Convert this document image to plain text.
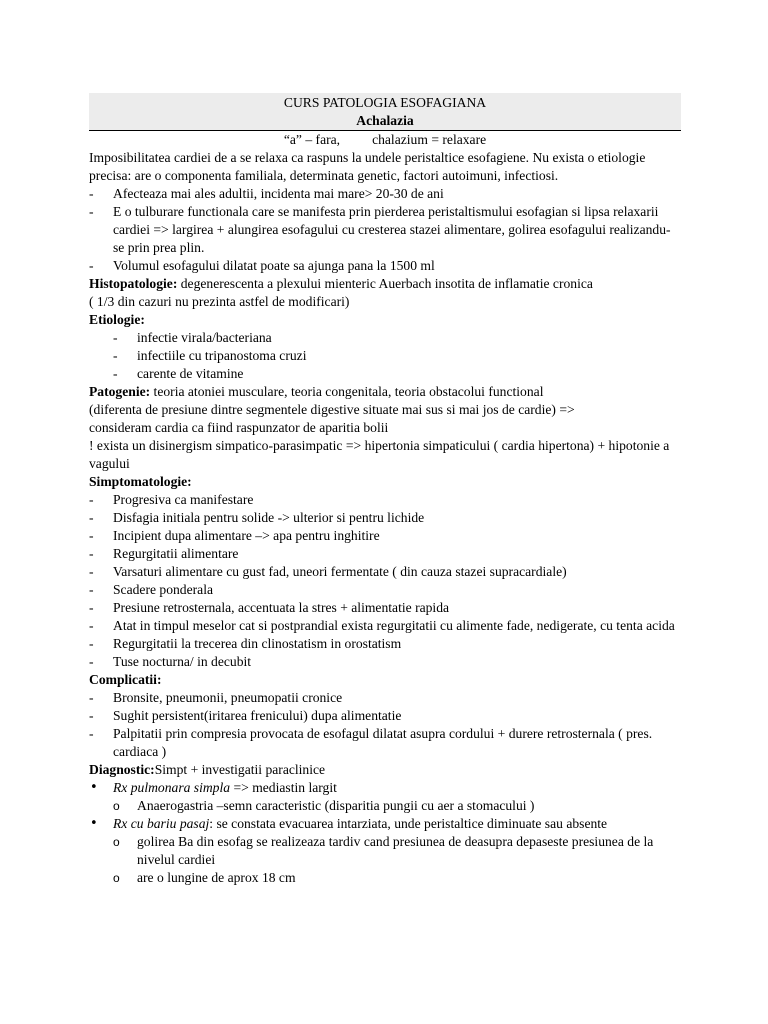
CURS PATOLOGIA ESOFAGIANA
Achalazia

“a” – fara, chalazium = relaxare

Imposibilitatea cardiei de a se relaxa ca raspuns la undele peristaltice esofagiene. Nu exista o etiologie precisa: are o componenta familiala, determinata genetic, factori autoimuni, infectiosi.

- Afecteaza mai ales adultii, incidenta mai mare> 20-30 de ani

- E o tulburare functionala care se manifesta prin pierderea peristaltismului esofagian si lipsa relaxarii cardiei => largirea + alungirea esofagului cu cresterea stazei alimentare, golirea esofagului realizandu-se prin prea plin.

- Volumul esofagului dilatat poate sa ajunga pana la 1500 ml

Histopatologie: degenerescenta a plexului mienteric Auerbach insotita de inflamatie cronica

( 1/3 din cazuri nu prezinta astfel de modificari)

Etiologie:

- infectie virala/bacteriana

- infectiile cu tripanostoma cruzi

- carente de vitamine

Patogenie: teoria atoniei musculare, teoria congenitala, teoria obstacolui functional

(diferenta de presiune dintre segmentele digestive situate mai sus si mai jos de cardie) =>

consideram cardia ca fiind raspunzator de aparitia bolii

! exista un disinergism simpatico-parasimpatic => hipertonia simpaticului ( cardia hipertona) + hipotonie a vagului

Simptomatologie:

- Progresiva ca manifestare

- Disfagia initiala pentru solide -> ulterior si pentru lichide

- Incipient dupa alimentare –> apa pentru inghitire

- Regurgitatii alimentare

- Varsaturi alimentare cu gust fad, uneori fermentate ( din cauza stazei supracardiale)

- Scadere ponderala

- Presiune retrosternala, accentuata la stres + alimentatie rapida

- Atat in timpul meselor cat si postprandial exista regurgitatii cu alimente fade, nedigerate, cu tenta acida

- Regurgitatii la trecerea din clinostatism in orostatism

- Tuse nocturna/ in decubit

Complicatii:

- Bronsite, pneumonii, pneumopatii cronice

- Sughit persistent(iritarea frenicului) dupa alimentatie

- Palpitatii prin compresia provocata de esofagul dilatat asupra cordului + durere retrosternala ( pres. cardiaca )

Diagnostic:Simpt + investigatii paraclinice

• Rx pulmonara simpla => mediastin largit

o Anaerogastria –semn caracteristic (disparitia pungii cu aer a stomacului )

• Rx cu bariu pasaj: se constata evacuarea intarziata, unde peristaltice diminuate sau absente

o golirea Ba din esofag se realizeaza tardiv cand presiunea de deasupra depaseste presiunea de la nivelul cardiei

o are o lungine de aprox 18 cm
